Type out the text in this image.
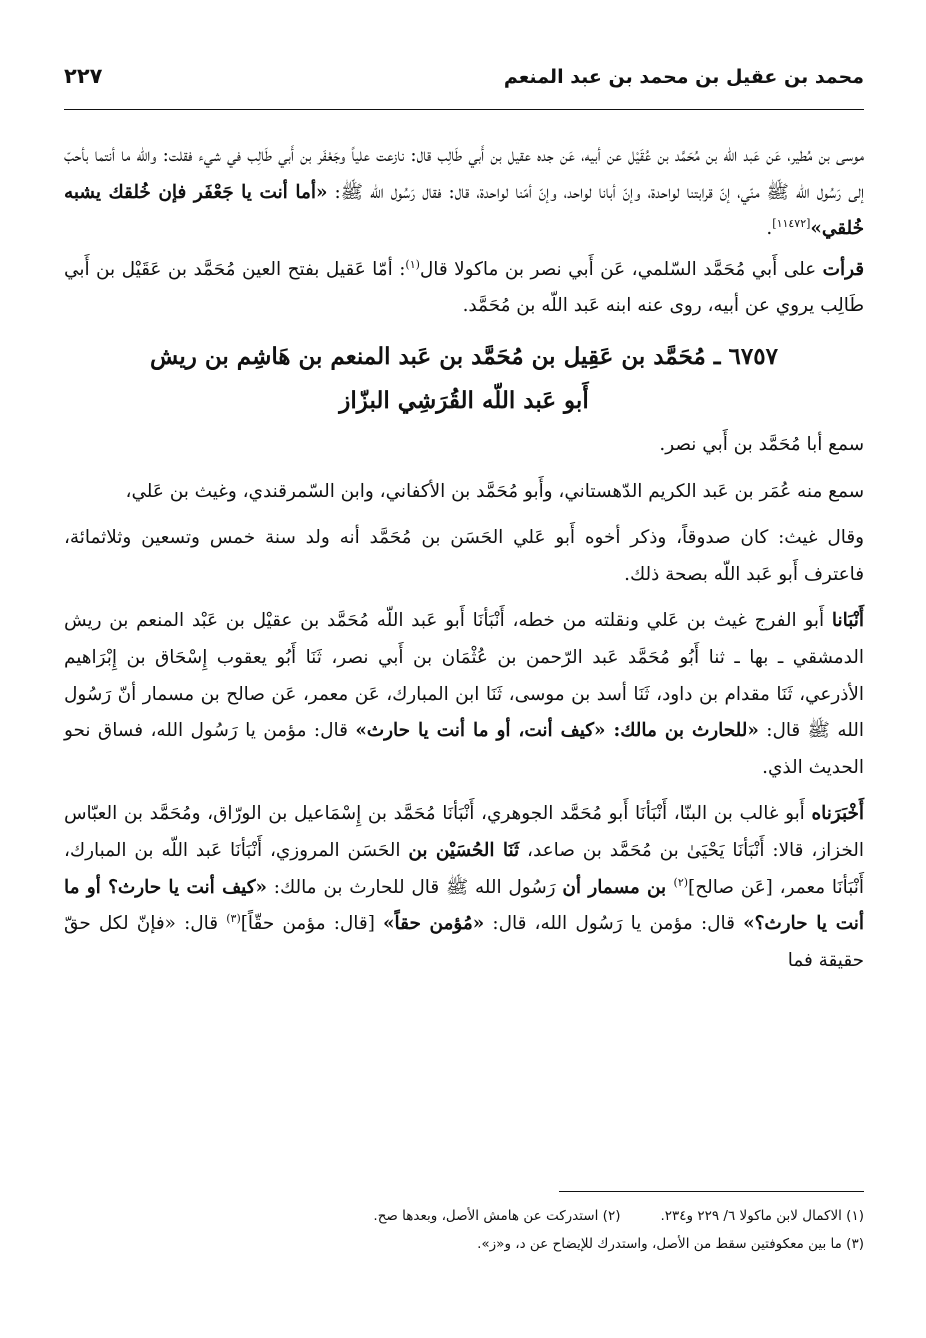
محمد بن عقيل بن محمد بن عبد المنعم
٢٢٧

موسى بن مُطير، عَن عَبد اللّه بن مُحَمَّد بن عُقَيْل عن أبيه، عَن جده عقيل بن أَبي طَالِب قال: نازعت علياً وجَعْفَر بن أَبي طَالِب في شيء فقلت: والله ما أنتما بأحبّ إلى رَسُول الله ﷺ منّي، إنّ قرابتنا لواحدة، وإنّ أبانا لواحد، وإنّ أمّنا لواحدة، قال: فقال رَسُول الله ﷺ: «أما أنت يا جَعْفَر فإن خُلقك يشبه خُلقي»[١١٤٧٢].

قرأت على أَبي مُحَمَّد السّلمي، عَن أَبي نصر بن ماكولا قال$^{(١)}$: أمّا عَقيل بفتح العين مُحَمَّد بن عَقَيْل بن أَبي طَالِب يروي عن أبيه، روى عنه ابنه عَبد اللّه بن مُحَمَّد.

٦٧٥٧ ـ مُحَمَّد بن عَقِيل بن مُحَمَّد بن عَبد المنعم بن هَاشِم بن ريش
أَبو عَبد اللّه القُرَشِي البزّاز

سمع أبا مُحَمَّد بن أَبي نصر.

سمع منه عُمَر بن عَبد الكريم الدّهستاني، وأَبو مُحَمَّد بن الأكفاني، وابن السّمرقندي، وغيث بن عَلي،

وقال غيث: كان صدوقاً، وذكر أخوه أَبو عَلي الحَسَن بن مُحَمَّد أنه ولد سنة خمس وتسعين وثلاثمائة، فاعترف أَبو عَبد اللّه بصحة ذلك.

أَنْبَانا أَبو الفرج غيث بن عَلي ونقلته من خطه، أَنْبَأنَا أَبو عَبد اللّه مُحَمَّد بن عقيْل بن عَبْد المنعم بن ريش الدمشقي ـ بها ـ ثنا أَبُو مُحَمَّد عَبد الرّحمن بن عُثْمَان بن أَبي نصر، ثَنَا أَبُو يعقوب إِسْحَاق بن إِبْرَاهيم الأذرعي، ثَنَا مقدام بن داود، ثَنَا أسد بن موسى، ثَنَا ابن المبارك، عَن معمر، عَن صالح بن مسمار أنّ رَسُول الله ﷺ قال: «للحارث بن مالك: «كيف أنت، أو ما أنت يا حارث» قال: مؤمن يا رَسُول الله، فساق نحو الحديث الذي.

أَخْبَرَناه أَبو غالب بن البنّا، أَنْبَأنَا أَبو مُحَمَّد الجوهري، أَنْبَأنَا مُحَمَّد بن إِسْمَاعيل بن الورّاق، ومُحَمَّد بن العبّاس الخزاز، قالا: أَنْبَأنَا يَحْيَىٰ بن مُحَمَّد بن صاعد، ثَنَا الحُسَيْن بن الحَسَن المروزي، أَنْبَأنَا عَبد اللّه بن المبارك، أَنْبَأنَا معمر، [عَن صالح]$^{(٢)}$ بن مسمار أن رَسُول الله ﷺ قال للحارث بن مالك: «كيف أنت يا حارث؟ أو ما أنت يا حارث؟» قال: مؤمن يا رَسُول الله، قال: «مُؤمن حقاً» [قال: مؤمن حقّاً]$^{(٣)}$ قال: «فإنّ لكل حقّ حقيقة فما

(١) الاكمال لابن ماكولا ٦/ ٢٢٩ و٢٣٤.
(٢) استدركت عن هامش الأصل، وبعدها صح.
(٣) ما بين معكوفتين سقط من الأصل، واستدرك للإيضاح عن د، و«ز».
